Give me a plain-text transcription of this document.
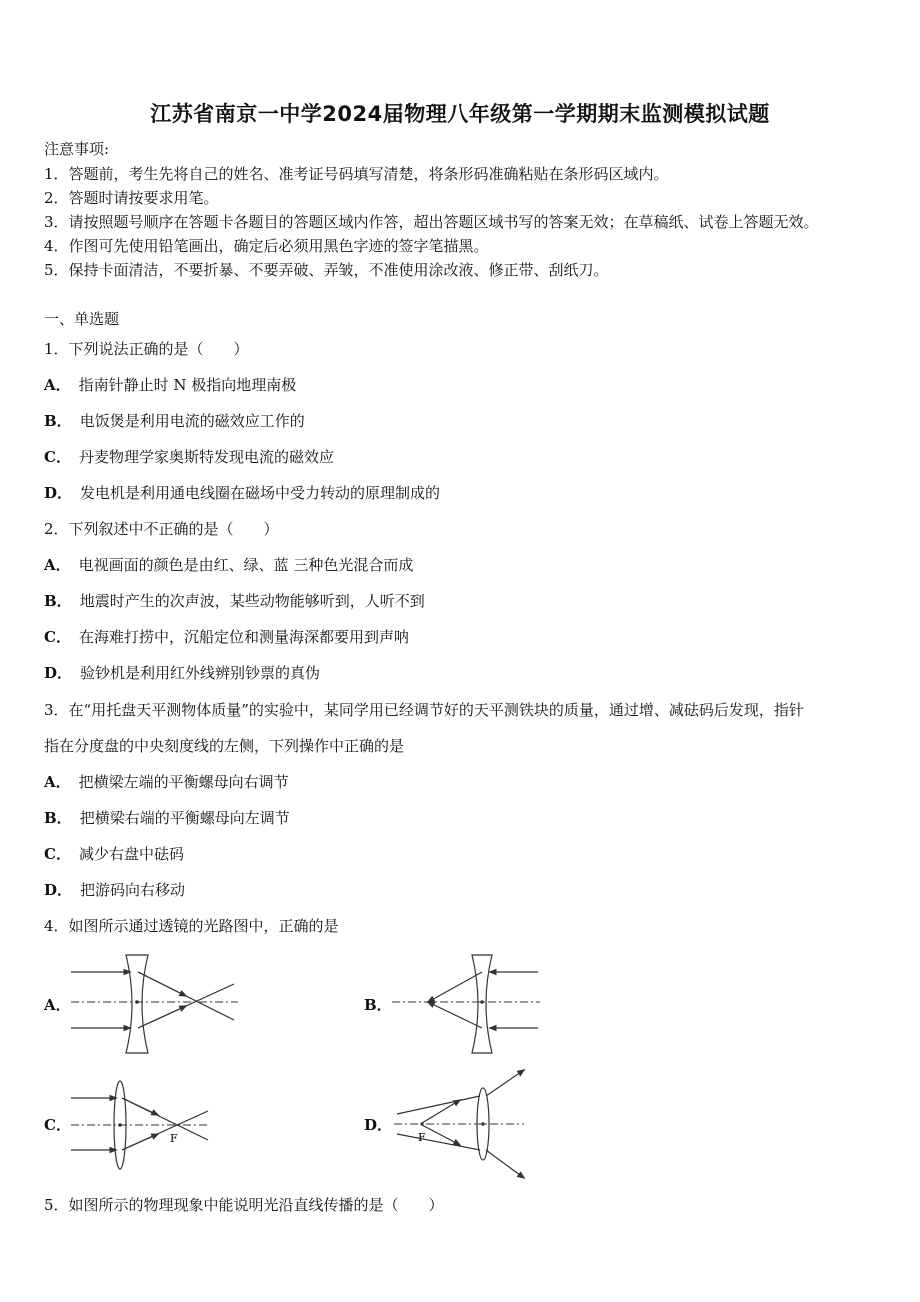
江苏省南京一中学2024届物理八年级第一学期期末监测模拟试题
注意事项:
1．答题前，考生先将自己的姓名、准考证号码填写清楚，将条形码准确粘贴在条形码区域内。
2．答题时请按要求用笔。
3．请按照题号顺序在答题卡各题目的答题区域内作答，超出答题区域书写的答案无效；在草稿纸、试卷上答题无效。
4．作图可先使用铅笔画出，确定后必须用黑色字迹的签字笔描黑。
5．保持卡面清洁，不要折暴、不要弄破、弄皱，不准使用涂改液、修正带、刮纸刀。
一、单选题
1．下列说法正确的是（　　）
A． 指南针静止时 N 极指向地理南极
B． 电饭煲是利用电流的磁效应工作的
C． 丹麦物理学家奥斯特发现电流的磁效应
D． 发电机是利用通电线圈在磁场中受力转动的原理制成的
2．下列叙述中不正确的是（　　）
A． 电视画面的颜色是由红、绿、蓝 三种色光混合而成
B． 地震时产生的次声波，某些动物能够听到，人听不到
C． 在海难打捞中，沉船定位和测量海深都要用到声呐
D． 验钞机是利用红外线辨别钞票的真伪
3．在“用托盘天平测物体质量”的实验中，某同学用已经调节好的天平测铁块的质量，通过增、减砝码后发现，指针
指在分度盘的中央刻度线的左侧，下列操作中正确的是
A． 把横梁左端的平衡螺母向右调节
B． 把横梁右端的平衡螺母向左调节
C． 减少右盘中砝码
D． 把游码向右移动
4．如图所示通过透镜的光路图中，正确的是
A．	B．
C．	D．
F	F
5．如图所示的物理现象中能说明光沿直线传播的是（　　）
